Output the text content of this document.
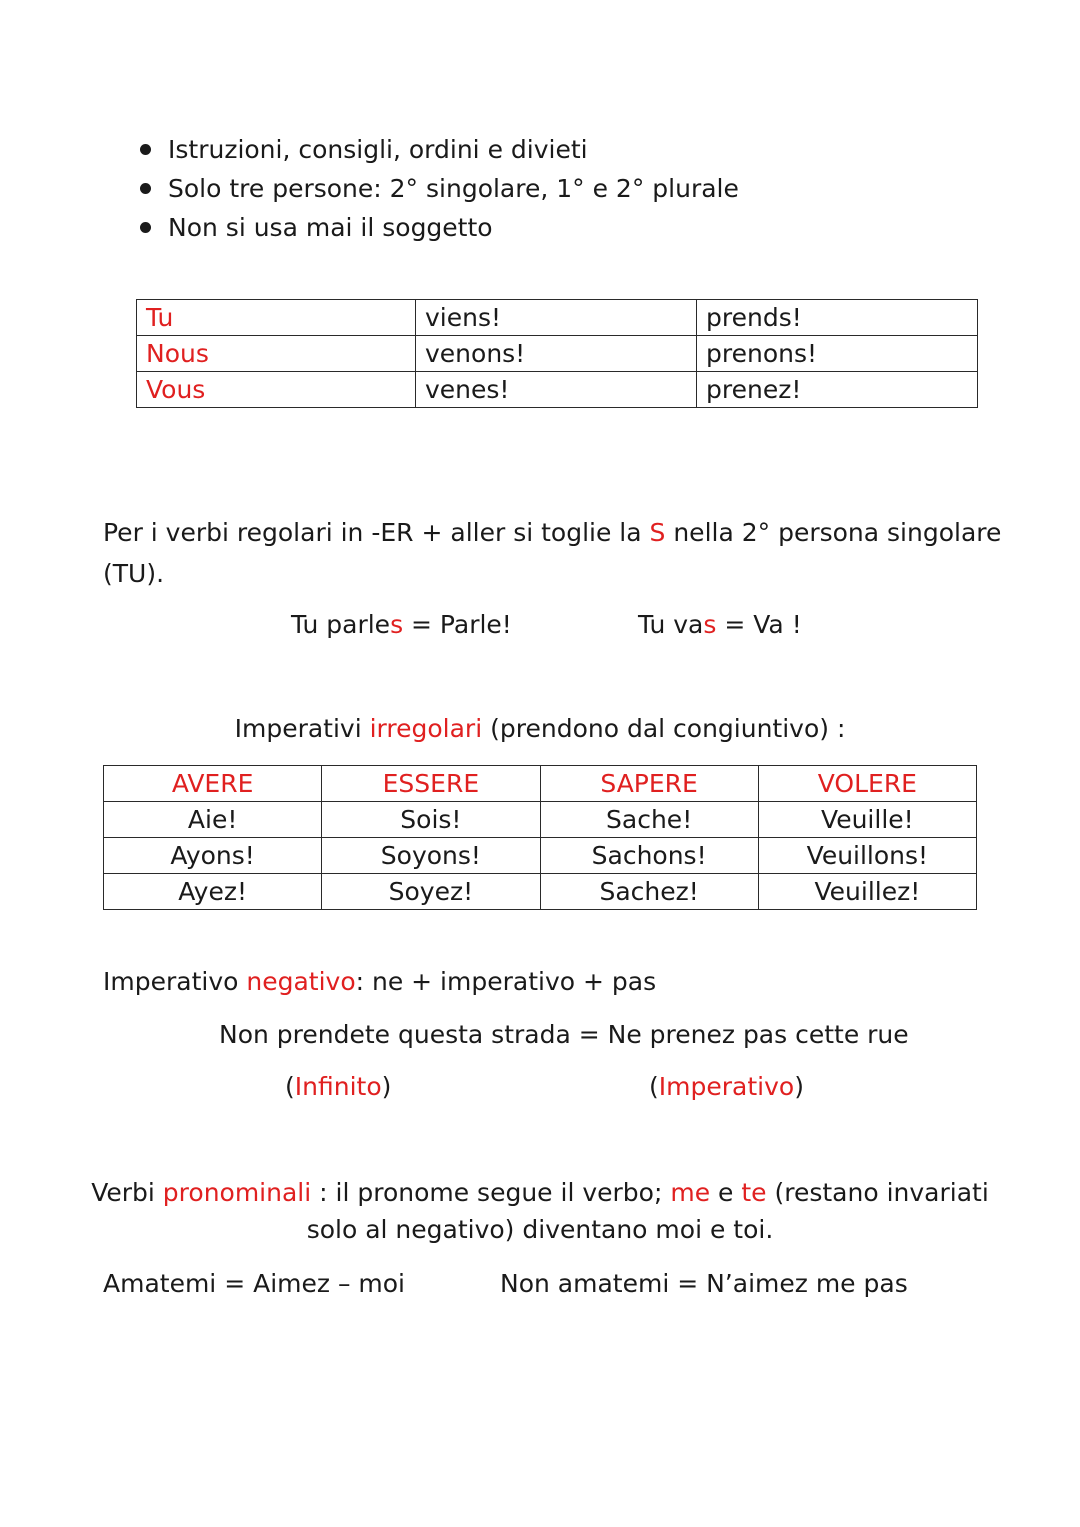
Istruzioni, consigli, ordini e divieti
Solo tre persone: 2° singolare, 1° e 2° plurale
Non si usa mai il soggetto
Tu	viens!	prends!
Nous	venons!	prenons!
Vous	venes!	prenez!
Per i verbi regolari in -ER + aller si toglie la S nella 2° persona singolare
(TU).
Tu parles = Parle!	Tu vas = Va !
Imperativi irregolari (prendono dal congiuntivo) :
AVERE	ESSERE	SAPERE	VOLERE
Aie!	Sois!	Sache!	Veuille!
Ayons!	Soyons!	Sachons!	Veuillons!
Ayez!	Soyez!	Sachez!	Veuillez!
Imperativo negativo: ne + imperativo + pas
Non prendete questa strada = Ne prenez pas cette rue
(Infinito)	(Imperativo)
Verbi pronominali : il pronome segue il verbo; me e te (restano invariati
solo al negativo) diventano moi e toi.
Amatemi = Aimez – moi	Non amatemi = N’aimez me pas
